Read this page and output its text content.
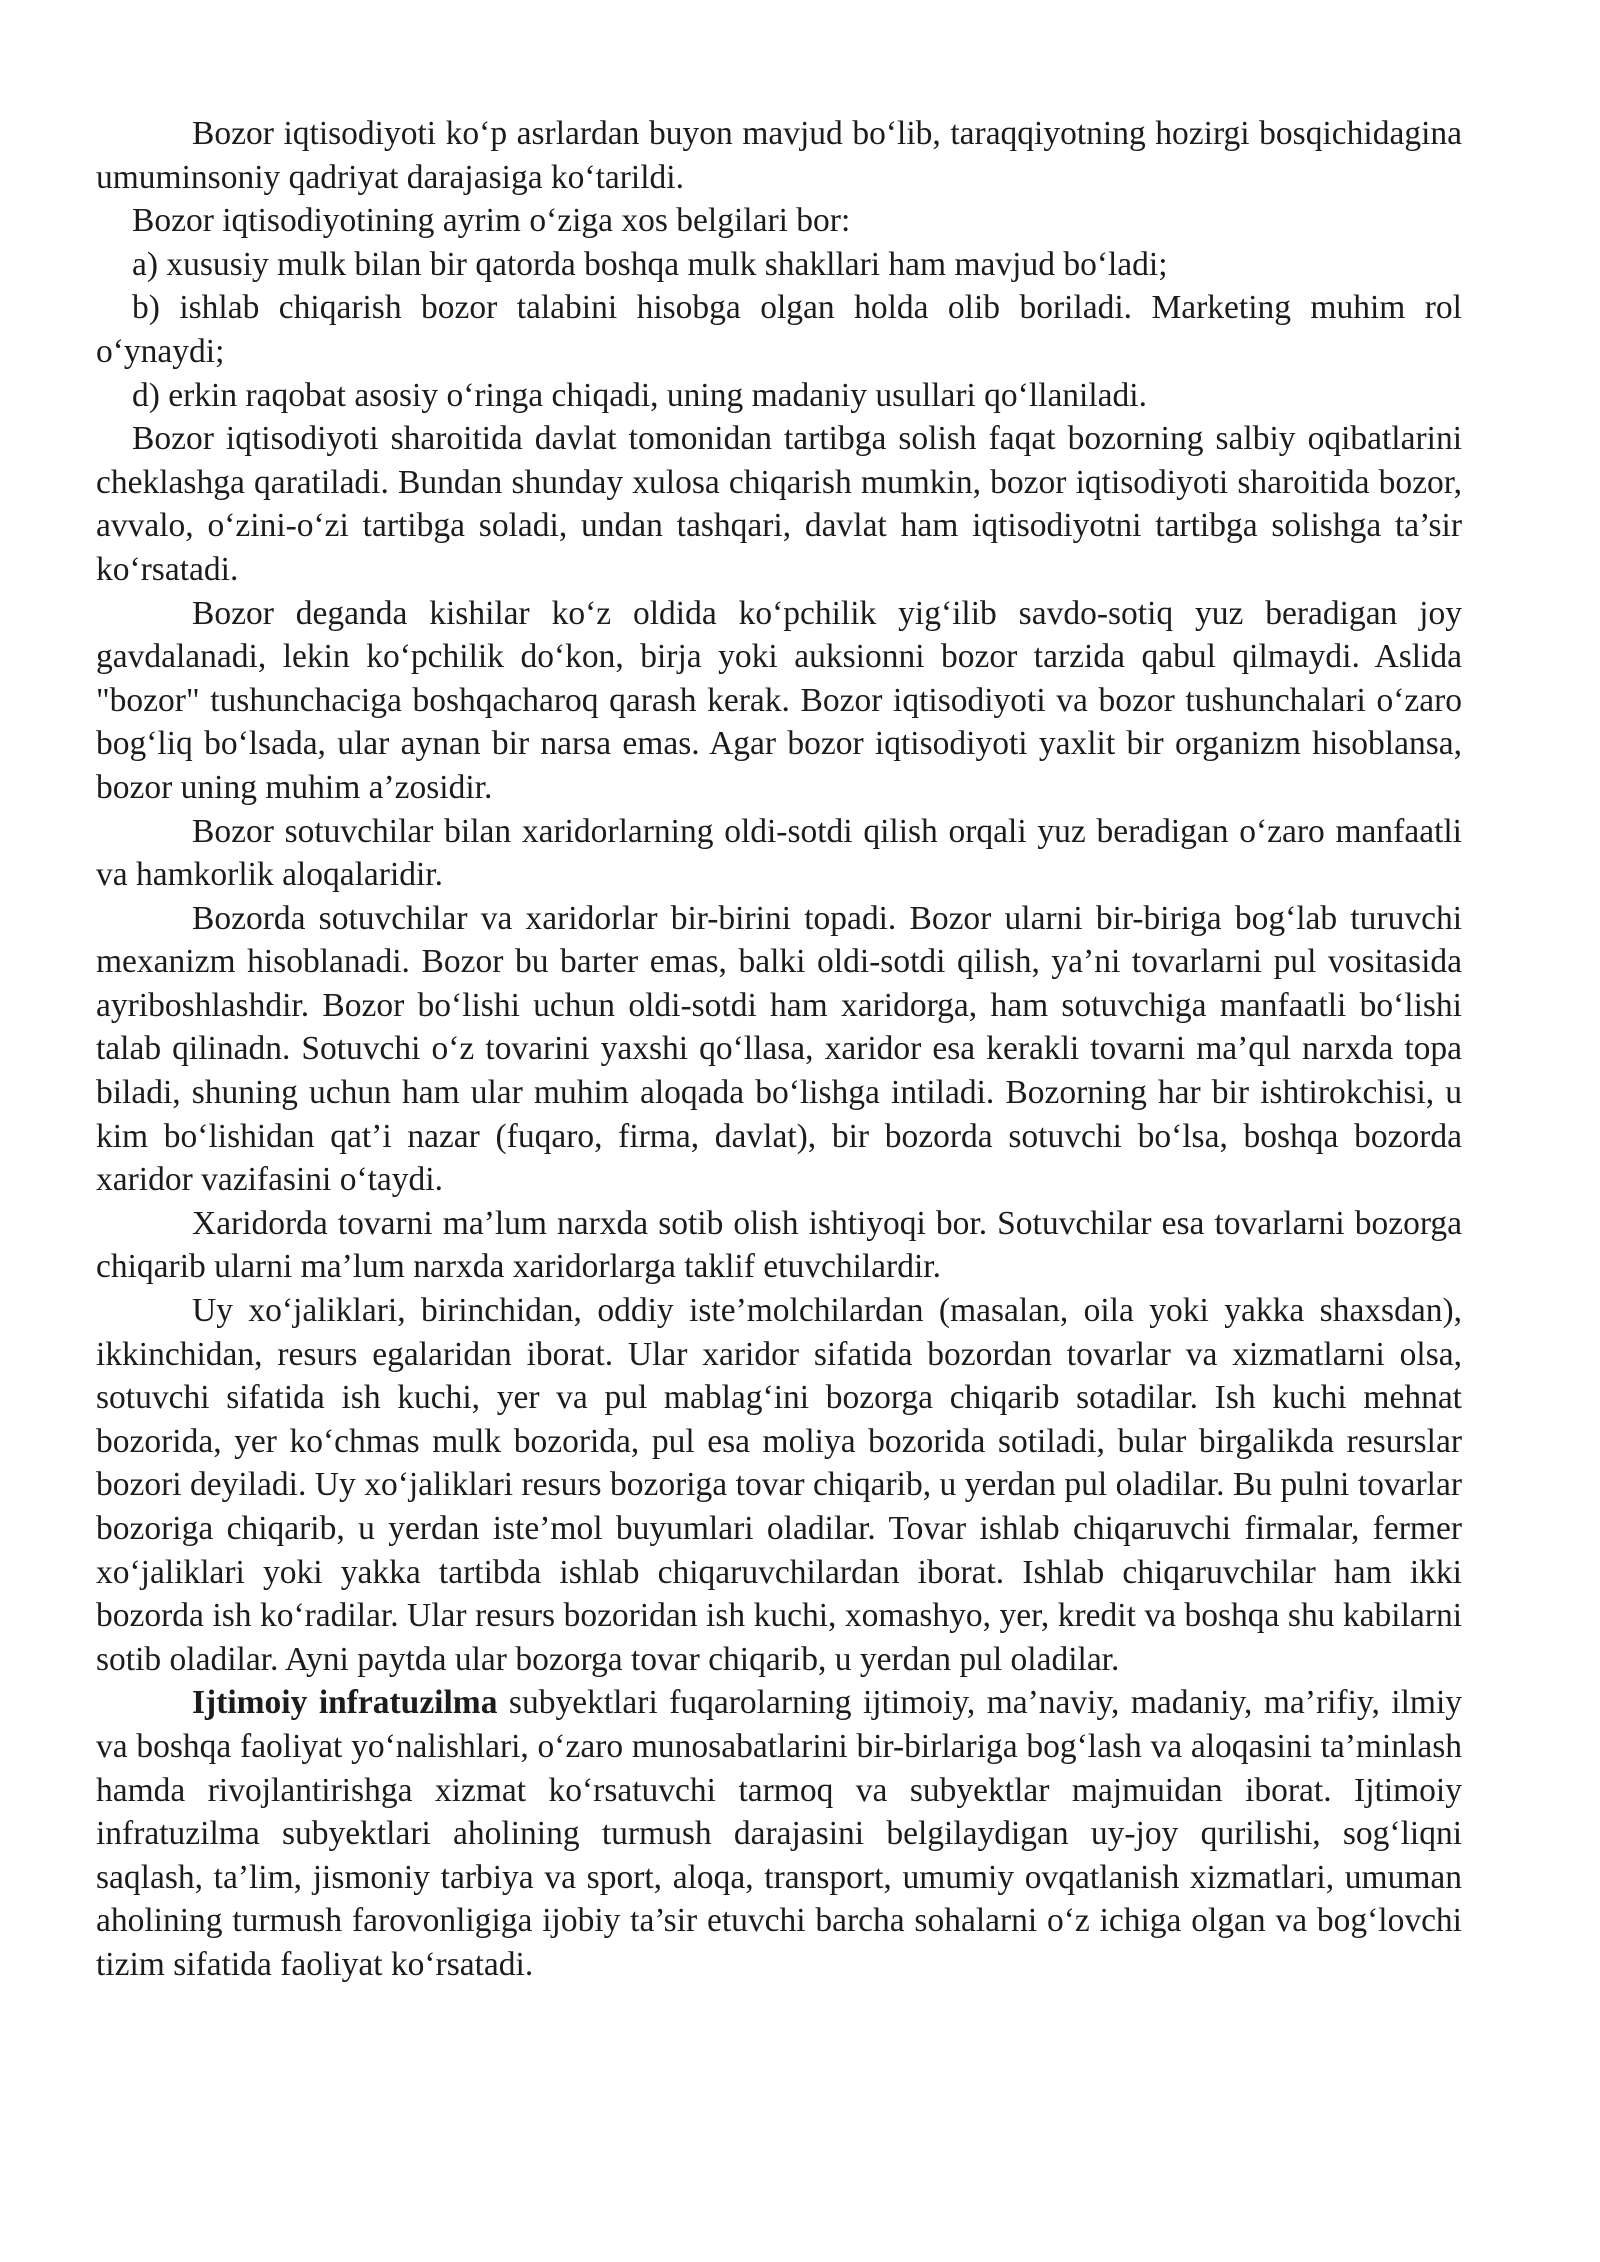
Bozor iqtisodiyoti koʻp asrlardan buyon mavjud boʻlib, taraqqiyotning hozirgi bosqichidagina umuminsoniy qadriyat darajasiga koʻtarildi.

Bozor iqtisodiyotining ayrim oʻziga xos belgilari bor:

a) xususiy mulk bilan bir qatorda boshqa mulk shakllari ham mavjud boʻladi;

b) ishlab chiqarish bozor talabini hisobga olgan holda olib boriladi. Marketing muhim rol oʻynaydi;

d) erkin raqobat asosiy oʻringa chiqadi, uning madaniy usullari qoʻllaniladi.

Bozor iqtisodiyoti sharoitida davlat tomonidan tartibga solish faqat bozorning salbiy oqibatlarini cheklashga qaratiladi. Bundan shunday xulosa chiqarish mumkin, bozor iqtisodiyoti sharoitida bozor, avvalo, oʻzini-oʻzi tartibga soladi, undan tashqari, davlat ham iqtisodiyotni tartibga solishga ta’sir koʻrsatadi.

Bozor deganda kishilar koʻz oldida koʻpchilik yigʻilib savdo-sotiq yuz beradigan joy gavdalanadi, lekin koʻpchilik doʻkon, birja yoki auksionni bozor tarzida qabul qilmaydi. Aslida "bozor" tushunchaciga boshqacharoq qarash kerak. Bozor iqtisodiyoti va bozor tushunchalari oʻzaro bogʻliq boʻlsada, ular aynan bir narsa emas. Agar bozor iqtisodiyoti yaxlit bir organizm hisoblansa, bozor uning muhim a’zosidir.

Bozor sotuvchilar bilan xaridorlarning oldi-sotdi qilish orqali yuz beradigan oʻzaro manfaatli va hamkorlik aloqalaridir.

Bozorda sotuvchilar va xaridorlar bir-birini topadi. Bozor ularni bir-biriga bogʻlab turuvchi mexanizm hisoblanadi. Bozor bu barter emas, balki oldi-sotdi qilish, ya’ni tovarlarni pul vositasida ayriboshlashdir. Bozor boʻlishi uchun oldi-sotdi ham xaridorga, ham sotuvchiga manfaatli boʻlishi talab qilinadn. Sotuvchi oʻz tovarini yaxshi qoʻllasa, xaridor esa kerakli tovarni ma’qul narxda topa biladi, shuning uchun ham ular muhim aloqada boʻlishga intiladi. Bozorning har bir ishtirokchisi, u kim boʻlishidan qat’i nazar (fuqaro, firma, davlat), bir bozorda sotuvchi boʻlsa, boshqa bozorda xaridor vazifasini oʻtaydi.

Xaridorda tovarni ma’lum narxda sotib olish ishtiyoqi bor. Sotuvchilar esa tovarlarni bozorga chiqarib ularni ma’lum narxda xaridorlarga taklif etuvchilardir.

Uy xoʻjaliklari, birinchidan, oddiy iste’molchilardan (masalan, oila yoki yakka shaxsdan), ikkinchidan, resurs egalaridan iborat. Ular xaridor sifatida bozordan tovarlar va xizmatlarni olsa, sotuvchi sifatida ish kuchi, yer va pul mablagʻini bozorga chiqarib sotadilar. Ish kuchi mehnat bozorida, yer koʻchmas mulk bozorida, pul esa moliya bozorida sotiladi, bular birgalikda resurslar bozori deyiladi. Uy xoʻjaliklari resurs bozoriga tovar chiqarib, u yerdan pul oladilar. Bu pulni tovarlar bozoriga chiqarib, u yerdan iste’mol buyumlari oladilar. Tovar ishlab chiqaruvchi firmalar, fermer xoʻjaliklari yoki yakka tartibda ishlab chiqaruvchilardan iborat. Ishlab chiqaruvchilar ham ikki bozorda ish koʻradilar. Ular resurs bozoridan ish kuchi, xomashyo, yer, kredit va boshqa shu kabilarni sotib oladilar. Ayni paytda ular bozorga tovar chiqarib, u yerdan pul oladilar.

Ijtimoiy infratuzilma subyektlari fuqarolarning ijtimoiy, ma’naviy, madaniy, ma’rifiy, ilmiy va boshqa faoliyat yoʻnalishlari, oʻzaro munosabatlarini bir-birlariga bogʻlash va aloqasini ta’minlash hamda rivojlantirishga xizmat koʻrsatuvchi tarmoq va subyektlar majmuidan iborat. Ijtimoiy infratuzilma subyektlari aholining turmush darajasini belgilaydigan uy-joy qurilishi, sogʻliqni saqlash, ta’lim, jismoniy tarbiya va sport, aloqa, transport, umumiy ovqatlanish xizmatlari, umuman aholining turmush farovonligiga ijobiy ta’sir etuvchi barcha sohalarni oʻz ichiga olgan va bogʻlovchi tizim sifatida faoliyat koʻrsatadi.
